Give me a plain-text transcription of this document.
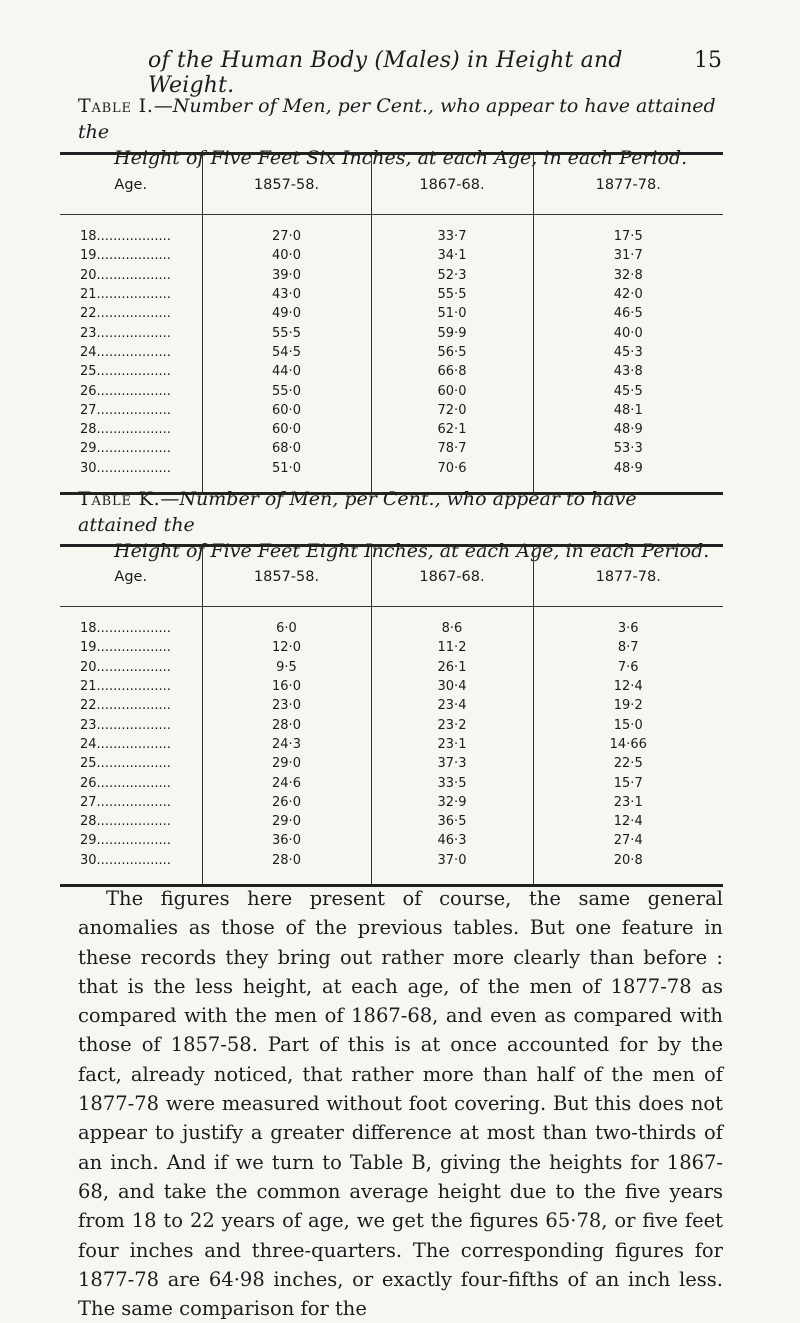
of the Human Body (Males) in Height and Weight.
15
Table I.—Number of Men, per Cent., who appear to have attained the
Height of Five Feet Six Inches, at each Age, in each Period.
Age.	1857-58.	1867-68.	1877-78.
18..................	27·0	33·7	17·5
19..................	40·0	34·1	31·7
20..................	39·0	52·3	32·8
21..................	43·0	55·5	42·0
22..................	49·0	51·0	46·5
23..................	55·5	59·9	40·0
24..................	54·5	56·5	45·3
25..................	44·0	66·8	43·8
26..................	55·0	60·0	45·5
27..................	60·0	72·0	48·1
28..................	60·0	62·1	48·9
29..................	68·0	78·7	53·3
30..................	51·0	70·6	48·9
Table K.—Number of Men, per Cent., who appear to have attained the
Height of Five Feet Eight Inches, at each Age, in each Period.
Age.	1857-58.	1867-68.	1877-78.
18..................	6·0	8·6	3·6
19..................	12·0	11·2	8·7
20..................	9·5	26·1	7·6
21..................	16·0	30·4	12·4
22..................	23·0	23·4	19·2
23..................	28·0	23·2	15·0
24..................	24·3	23·1	14·66
25..................	29·0	37·3	22·5
26..................	24·6	33·5	15·7
27..................	26·0	32·9	23·1
28..................	29·0	36·5	12·4
29..................	36·0	46·3	27·4
30..................	28·0	37·0	20·8

The figures here present of course, the same general anomalies as those of the previous tables. But one feature in these records they bring out rather more clearly than before : that is the less height, at each age, of the men of 1877-78 as compared with the men of 1867-68, and even as compared with those of 1857-58. Part of this is at once accounted for by the fact, already noticed, that rather more than half of the men of 1877-78 were measured without foot covering. But this does not appear to justify a greater difference at most than two-thirds of an inch. And if we turn to Table B, giving the heights for 1867-68, and take the common average height due to the five years from 18 to 22 years of age, we get the figures 65·78, or five feet four inches and three-quarters. The corresponding figures for 1877-78 are 64·98 inches, or exactly four-fifths of an inch less. The same comparison for the
